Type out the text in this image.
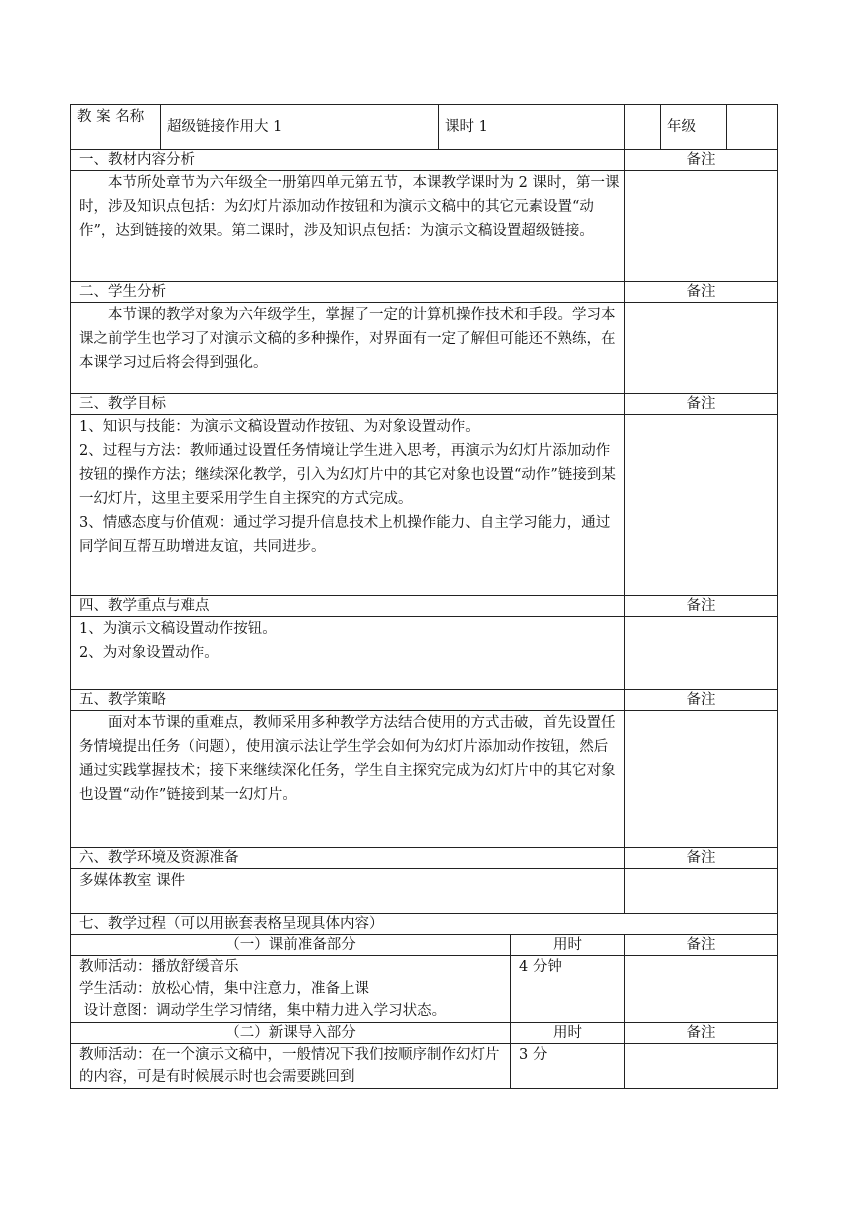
教 案 名称	超级链接作用大 1	课时 1			年级	
一、教材内容分析				备注		
本节所处章节为六年级全一册第四单元第五节，本课教学课时为 2 课时，第一课时，涉及知识点包括：为幻灯片添加动作按钮和为演示文稿中的其它元素设置“动作”，达到链接的效果。第二课时，涉及知识点包括：为演示文稿设置超级链接。						
二、学生分析				备注		
本节课的教学对象为六年级学生，掌握了一定的计算机操作技术和手段。学习本课之前学生也学习了对演示文稿的多种操作，对界面有一定了解但可能还不熟练，在本课学习过后将会得到强化。						
三、教学目标				备注		

1、知识与技能：为演示文稿设置动作按钮、为对象设置动作。
2、过程与方法：教师通过设置任务情境让学生进入思考，再演示为幻灯片添加动作按钮的操作方法；继续深化教学，引入为幻灯片中的其它对象也设置“动作”链接到某一幻灯片，这里主要采用学生自主探究的方式完成。
3、情感态度与价值观：通过学习提升信息技术上机操作能力、自主学习能力，通过同学间互帮互助增进友谊，共同进步。						

四、教学重点与难点				备注		

1、为演示文稿设置动作按钮。
2、为对象设置动作。						

五、教学策略				备注		
面对本节课的重难点，教师采用多种教学方法结合使用的方式击破，首先设置任务情境提出任务（问题），使用演示法让学生学会如何为幻灯片添加动作按钮，然后通过实践掌握技术；接下来继续深化任务，学生自主探究完成为幻灯片中的其它对象也设置“动作”链接到某一幻灯片。						
六、教学环境及资源准备				备注		
多媒体教室 课件						
七、教学过程（可以用嵌套表格呈现具体内容）						
（一）课前准备部分			用时	备注		

教师活动：播放舒缓音乐
学生活动：放松心情，集中注意力，准备上课
设计意图：调动学生学习情绪，集中精力进入学习状态。			4 分钟			
（二）新课导入部分			用时	备注		
教师活动：在一个演示文稿中，一般情况下我们按顺序制作幻灯片的内容，可是有时候展示时也会需要跳回到			3 分			
